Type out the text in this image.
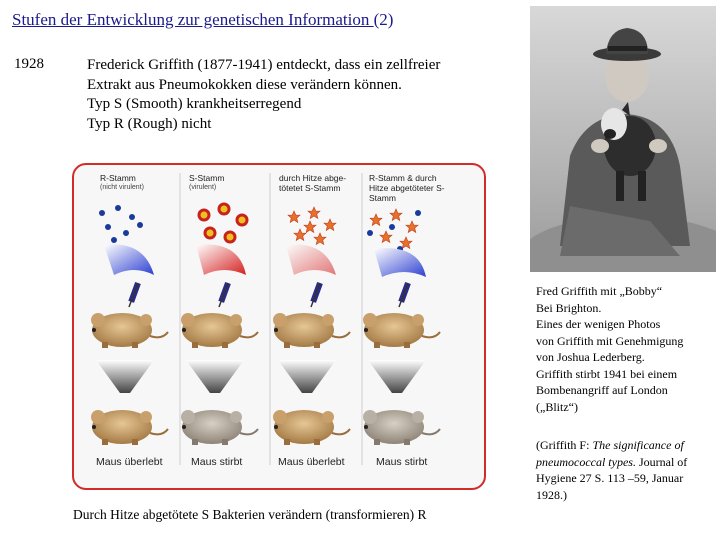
Stufen der Entwicklung zur genetischen Information (2)
1928	Frederick Griffith (1877-1941) entdeckt, dass ein zellfreier
Extrakt aus Pneumokokken diese verändern können.
Typ S (Smooth) krankheitserregend
Typ R (Rough) nicht
Fred Griffith mit „Bobby“
Bei Brighton.
Eines der wenigen Photos
von Griffith mit Genehmigung
von Joshua Lederberg.
Griffith stirbt 1941 bei einem
Bombenangriff auf London
(„Blitz“)
(Griffith F: The significance of pneumococcal types. Journal of Hygiene 27 S. 113 –59, Januar 1928.)
R-Stamm
(nicht virulent)
S-Stamm
(virulent)
durch Hitze abge-tötetet S-Stamm
R-Stamm & durch Hitze abgetöteter S-Stamm
Maus überlebt	Maus stirbt	Maus überlebt	Maus stirbt
Durch Hitze abgetötete S Bakterien verändern (transformieren) R
